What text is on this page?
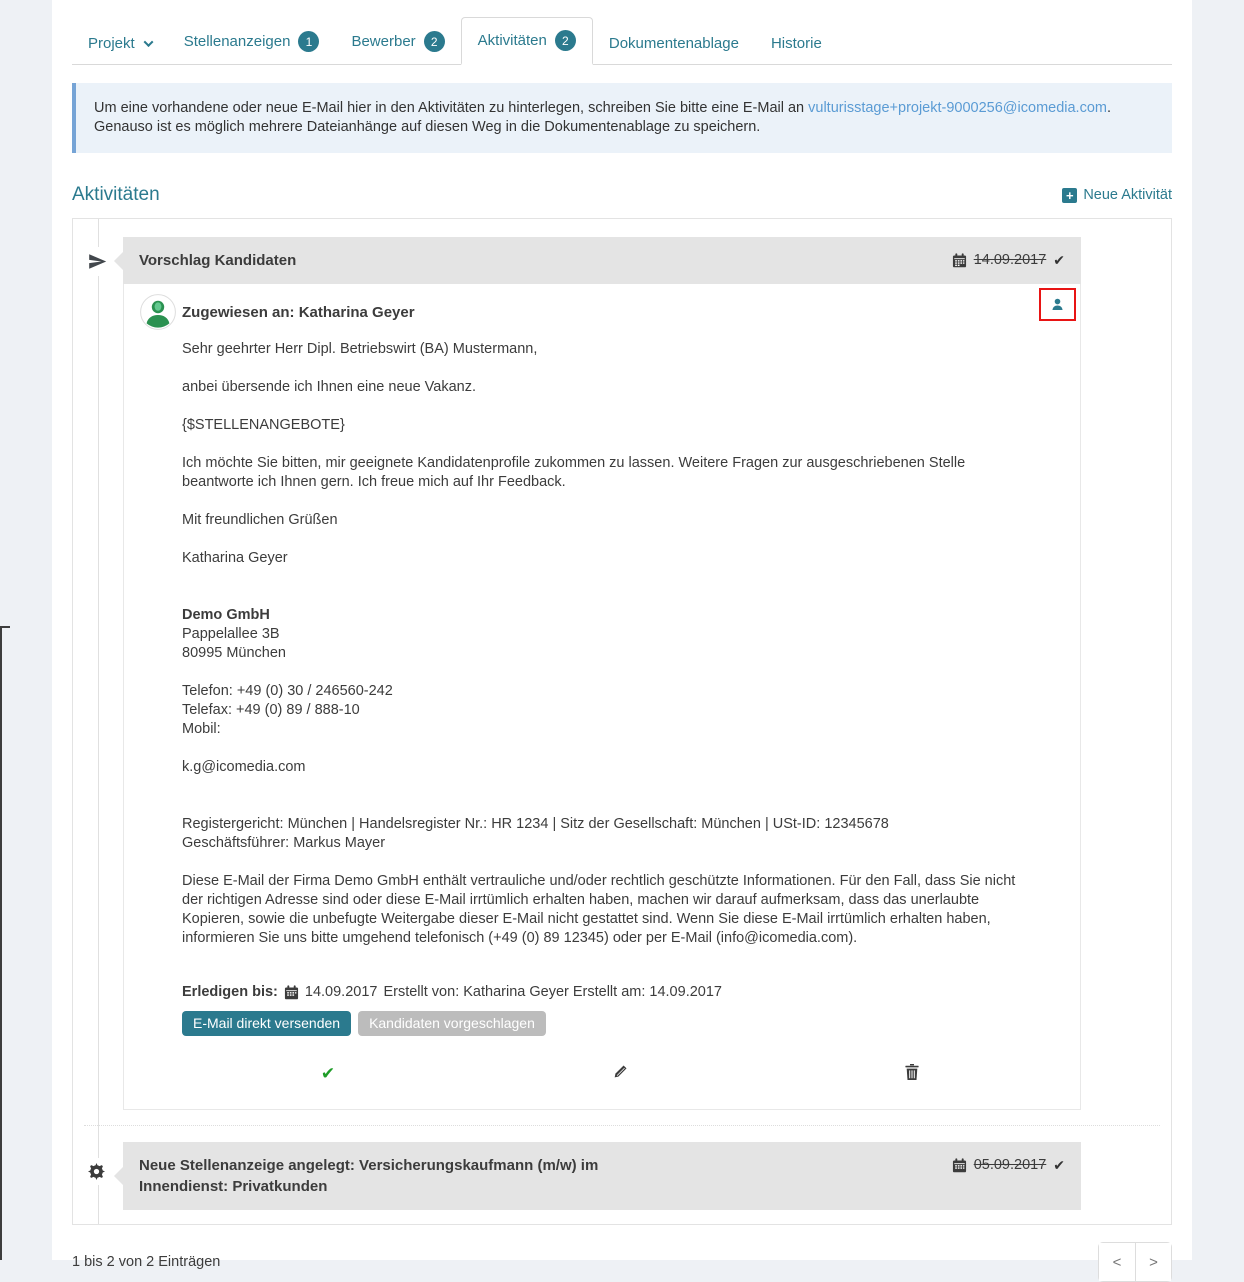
Projekt	Stellenanzeigen	1	Bewerber	2	Aktivitäten	2	Dokumentenablage Historie
Um eine vorhandene oder neue E-Mail hier in den Aktivitäten zu hinterlegen, schreiben Sie bitte eine E-Mail an vulturisstage+projekt-9000256@icomedia.com. Genauso ist es möglich mehrere Dateianhänge auf diesen Weg in die Dokumentenablage zu speichern.
Aktivitäten	+ Neue Aktivität
Vorschlag Kandidaten	14.09.2017 ✔
Zugewiesen an: Katharina Geyer

Sehr geehrter Herr Dipl. Betriebswirt (BA) Mustermann,

anbei übersende ich Ihnen eine neue Vakanz.

{$STELLENANGEBOTE}

Ich möchte Sie bitten, mir geeignete Kandidatenprofile zukommen zu lassen. Weitere Fragen zur ausgeschriebenen Stelle beantworte ich Ihnen gern. Ich freue mich auf Ihr Feedback.

Mit freundlichen Grüßen

Katharina Geyer

Demo GmbH
Pappelallee 3B
80995 München
Telefon: +49 (0) 30 / 246560-242
Telefax: +49 (0) 89 / 888-10
Mobil:

k.g@icomedia.com

Registergericht: München | Handelsregister Nr.: HR 1234 | Sitz der Gesellschaft: München | USt-ID: 12345678
Geschäftsführer: Markus Mayer

Diese E-Mail der Firma Demo GmbH enthält vertrauliche und/oder rechtlich geschützte Informationen. Für den Fall, dass Sie nicht der richtigen Adresse sind oder diese E-Mail irrtümlich erhalten haben, machen wir darauf aufmerksam, dass das unerlaubte Kopieren, sowie die unbefugte Weitergabe dieser E-Mail nicht gestattet sind. Wenn Sie diese E-Mail irrtümlich erhalten haben, informieren Sie uns bitte umgehend telefonisch (+49 (0) 89 12345) oder per E-Mail (info@icomedia.com).

Erledigen bis: 14.09.2017 Erstellt von: Katharina Geyer Erstellt am: 14.09.2017
E-Mail direkt versenden	Kandidaten vorgeschlagen
✔
Neue Stellenanzeige angelegt: Versicherungskaufmann (m/w) im Innendienst: Privatkunden
05.09.2017 ✔
1 bis 2 von 2 Einträgen	<	>
